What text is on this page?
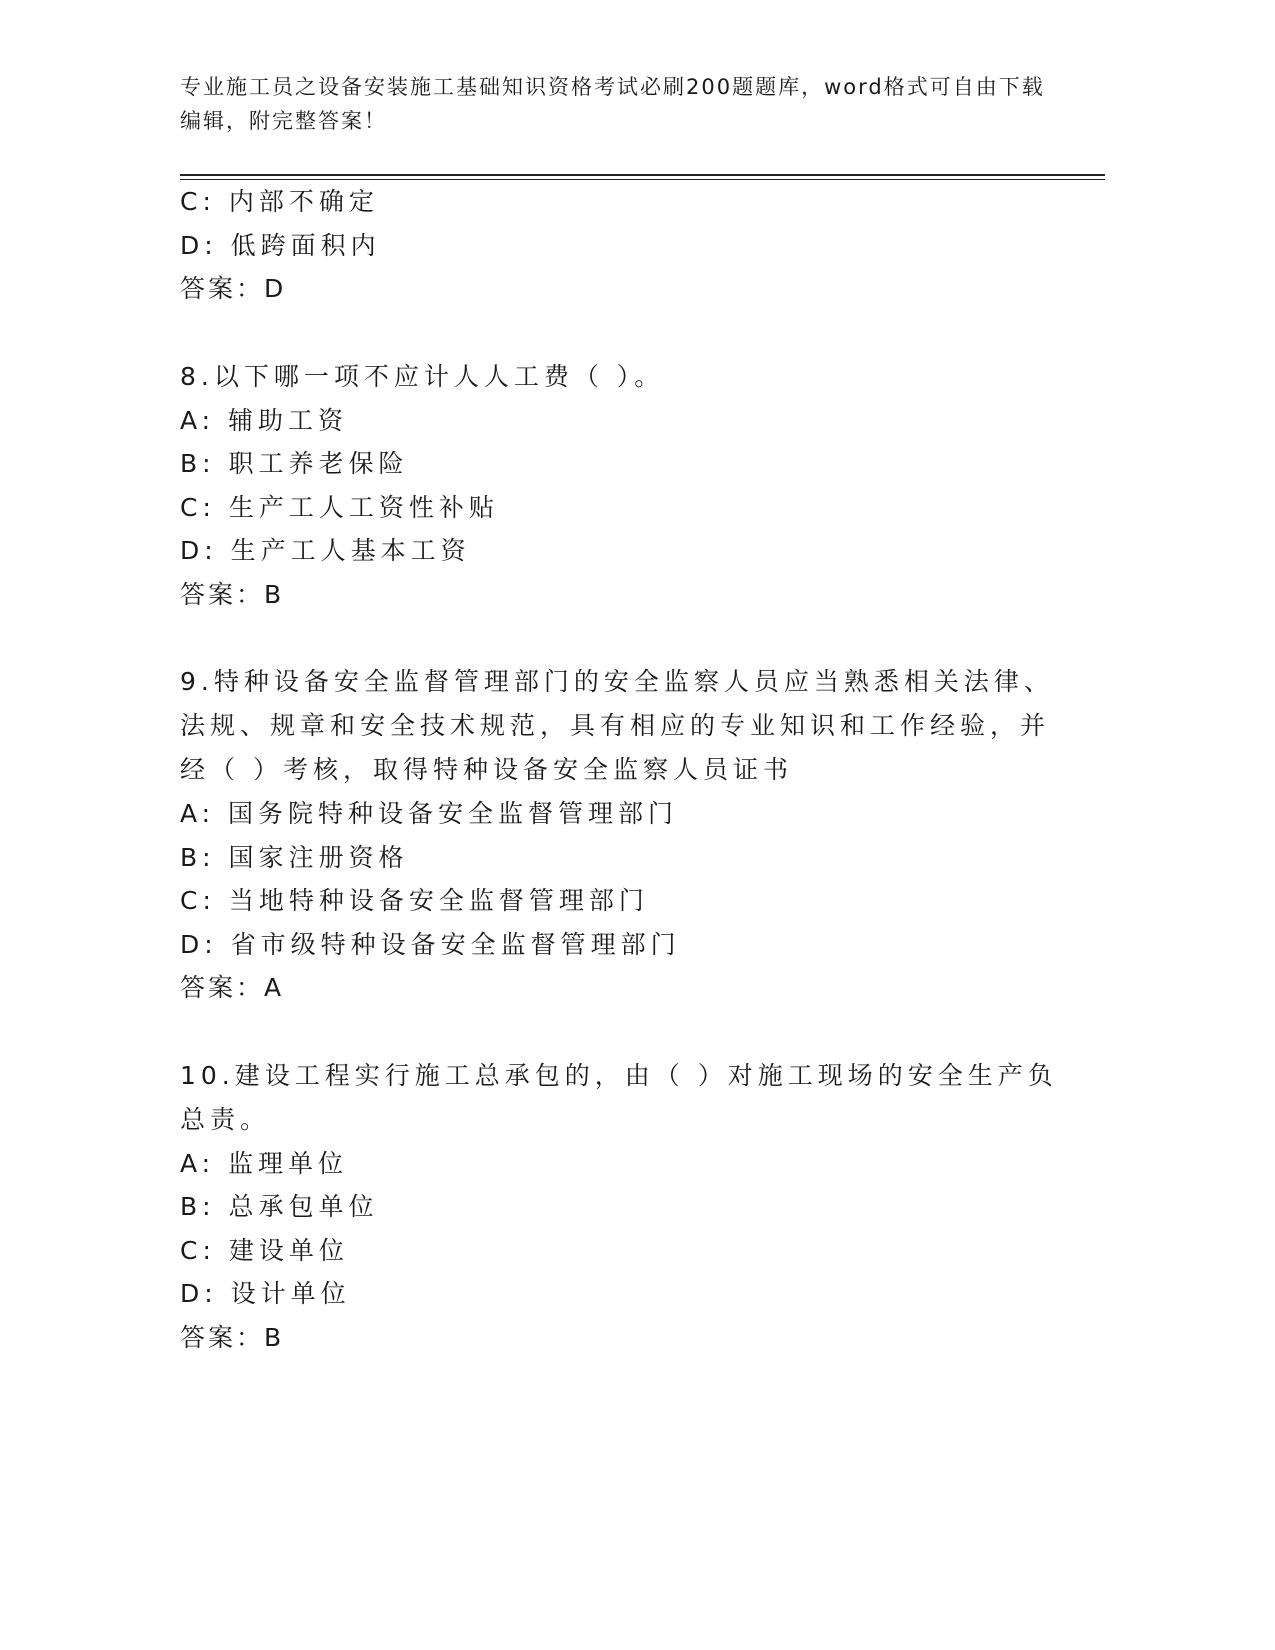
专业施工员之设备安装施工基础知识资格考试必刷200题题库，word格式可自由下载编辑，附完整答案！
C: 内部不确定
D: 低跨面积内
答案：D
8.以下哪一项不应计人人工费（ ）。
A: 辅助工资
B: 职工养老保险
C: 生产工人工资性补贴
D: 生产工人基本工资
答案：B
9.特种设备安全监督管理部门的安全监察人员应当熟悉相关法律、法规、规章和安全技术规范，具有相应的专业知识和工作经验，并经（ ）考核，取得特种设备安全监察人员证书
A: 国务院特种设备安全监督管理部门
B: 国家注册资格
C: 当地特种设备安全监督管理部门
D: 省市级特种设备安全监督管理部门
答案：A
10.建设工程实行施工总承包的，由（ ）对施工现场的安全生产负总责。
A: 监理单位
B: 总承包单位
C: 建设单位
D: 设计单位
答案：B
